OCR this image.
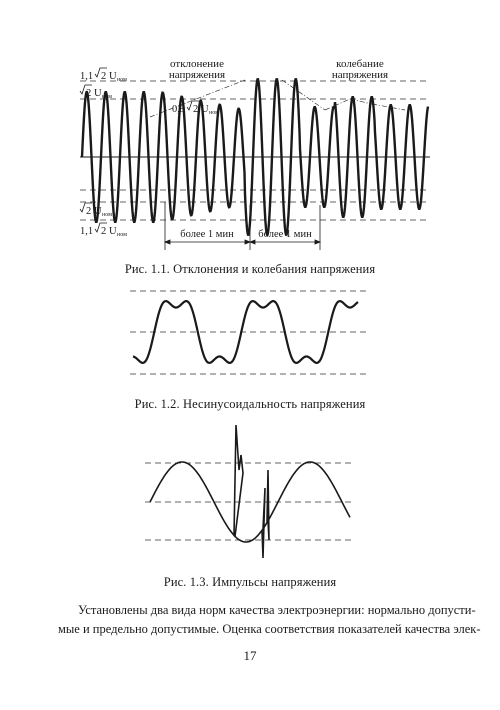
отклонение
напряжения
колебание
напряжения
1,1 2 U ном
2 U ном
2 U ном
1,1 2 U ном
0,9 2 U ном
более 1 мин более 1 мин
Рис. 1.1. Отклонения и колебания напряжения
Рис. 1.2. Несинусоидальность напряжения
Рис. 1.3. Импульсы напряжения
Установлены два вида норм качества электроэнергии: нормально допусти-
мые и предельно допустимые. Оценка соответствия показателей качества элек-
17
